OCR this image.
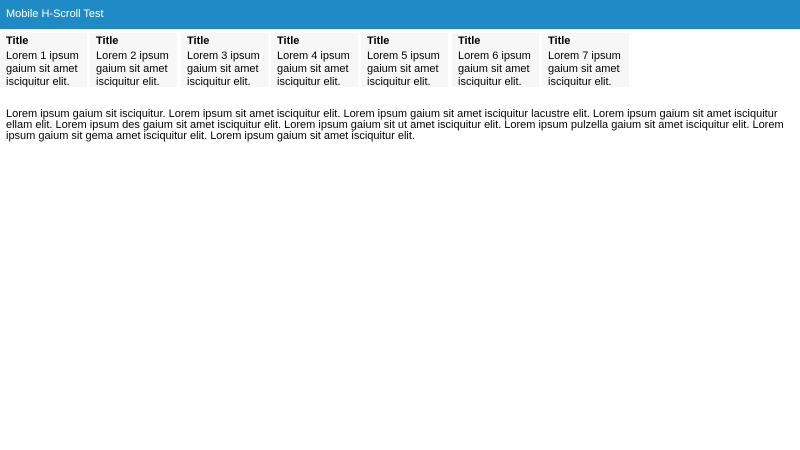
Mobile H-Scroll Test
Title
Lorem 1 ipsum gaium sit amet isciquitur elit.
Title
Lorem 2 ipsum gaium sit amet isciquitur elit.
Title
Lorem 3 ipsum gaium sit amet isciquitur elit.
Title
Lorem 4 ipsum gaium sit amet isciquitur elit.
Title
Lorem 5 ipsum gaium sit amet isciquitur elit.
Title
Lorem 6 ipsum gaium sit amet isciquitur elit.
Title
Lorem 7 ipsum gaium sit amet isciquitur elit.
Lorem ipsum gaium sit isciquitur. Lorem ipsum sit amet isciquitur elit. Lorem ipsum gaium sit amet isciquitur lacustre elit. Lorem ipsum gaium sit amet isciquitur ellam elit. Lorem ipsum des gaium sit amet isciquitur elit. Lorem ipsum gaium sit ut amet isciquitur elit. Lorem ipsum pulzella gaium sit amet isciquitur elit. Lorem ipsum gaium sit gema amet isciquitur elit. Lorem ipsum gaium sit amet isciquitur elit.
